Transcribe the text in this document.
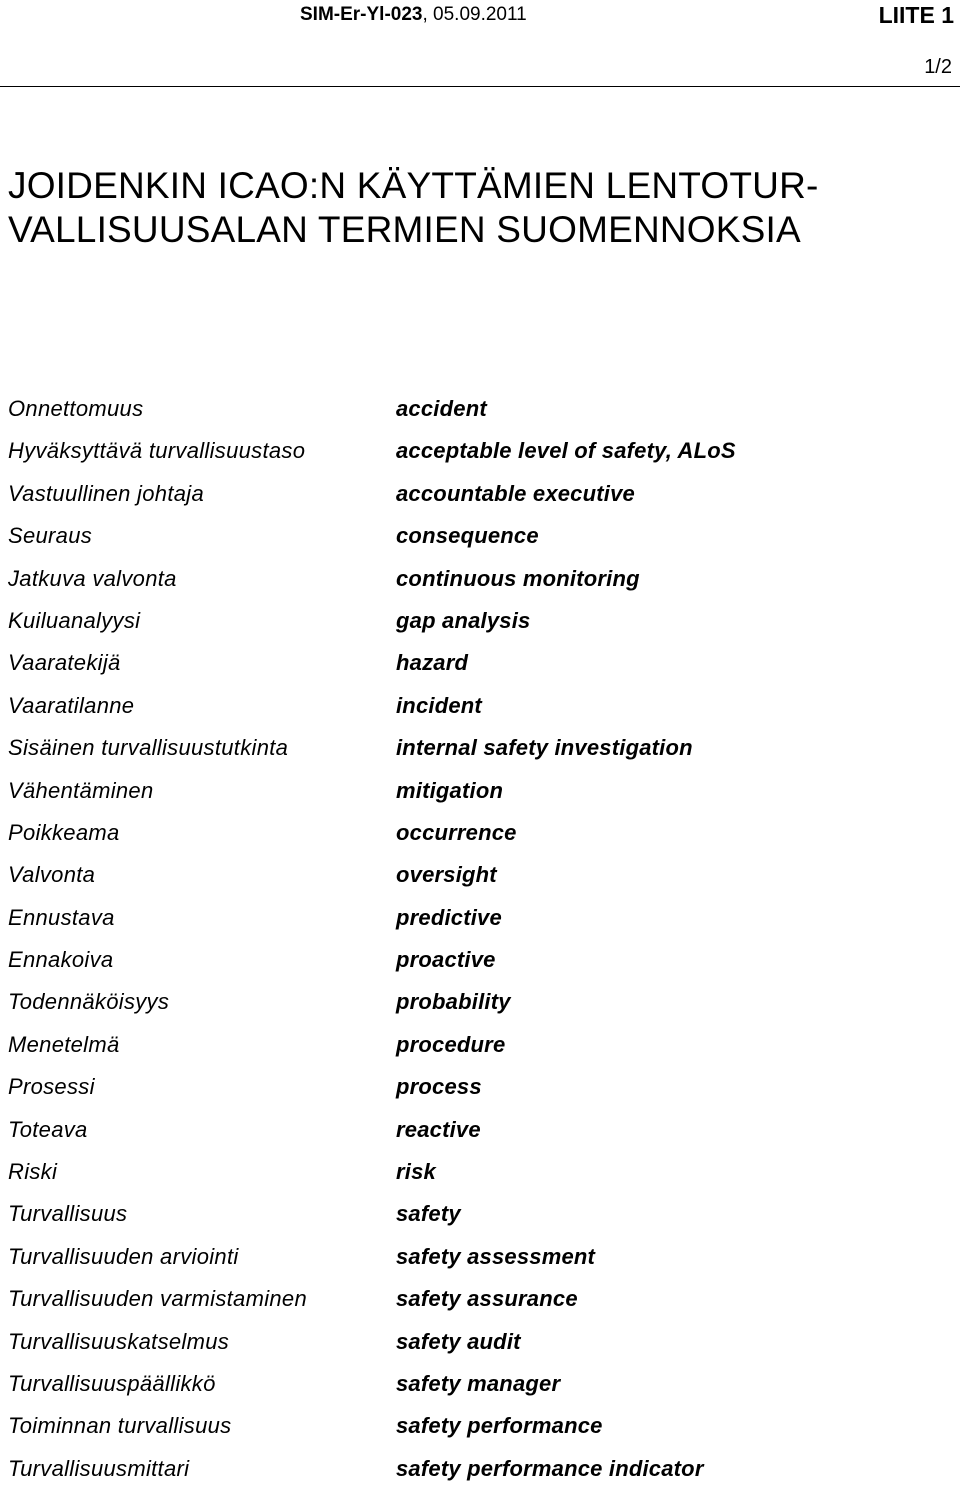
SIM-Er-Yl-023, 05.09.2011	LIITE 1
1/2
JOIDENKIN ICAO:N KÄYTTÄMIEN LENTOTUR-
VALLISUUSALAN TERMIEN SUOMENNOKSIA
Onnettomuus	accident
Hyväksyttävä turvallisuustaso	acceptable level of safety, ALoS
Vastuullinen johtaja	accountable executive
Seuraus	consequence
Jatkuva valvonta	continuous monitoring
Kuiluanalyysi	gap analysis
Vaaratekijä	hazard
Vaaratilanne	incident
Sisäinen turvallisuustutkinta	internal safety investigation
Vähentäminen	mitigation
Poikkeama	occurrence
Valvonta	oversight
Ennustava	predictive
Ennakoiva	proactive
Todennäköisyys	probability
Menetelmä	procedure
Prosessi	process
Toteava	reactive
Riski	risk
Turvallisuus	safety
Turvallisuuden arviointi	safety assessment
Turvallisuuden varmistaminen	safety assurance
Turvallisuuskatselmus	safety audit
Turvallisuuspäällikkö	safety manager
Toiminnan turvallisuus	safety performance
Turvallisuusmittari	safety performance indicator
